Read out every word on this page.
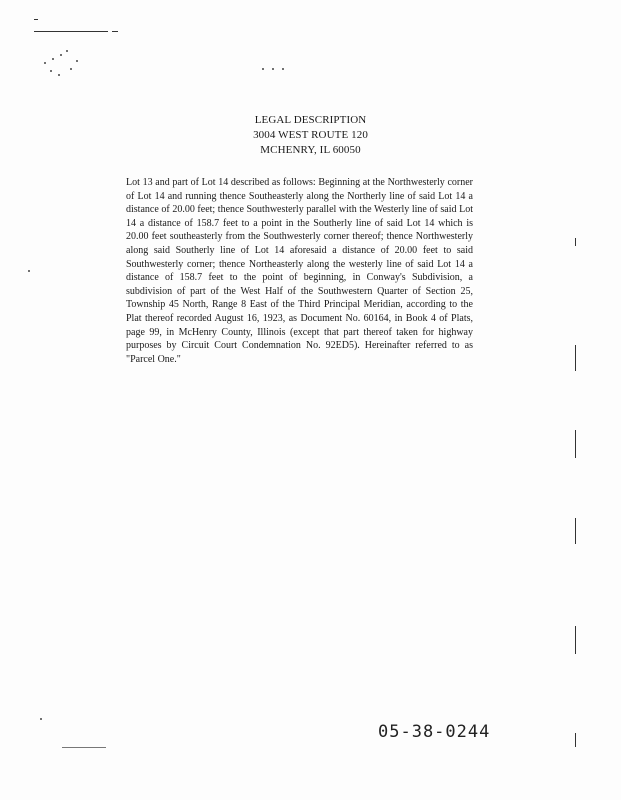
LEGAL DESCRIPTION
3004 WEST ROUTE 120
MCHENRY, IL 60050
Lot 13 and part of Lot 14 described as follows: Beginning at the Northwesterly corner of Lot 14 and running thence Southeasterly along the Northerly line of said Lot 14 a distance of 20.00 feet; thence Southwesterly parallel with the Westerly line of said Lot 14 a distance of 158.7 feet to a point in the Southerly line of said Lot 14 which is 20.00 feet southeasterly from the Southwesterly corner thereof; thence Northwesterly along said Southerly line of Lot 14 aforesaid a distance of 20.00 feet to said Southwesterly corner; thence Northeasterly along the westerly line of said Lot 14 a distance of 158.7 feet to the point of beginning, in Conway's Subdivision, a subdivision of part of the West Half of the Southwestern Quarter of Section 25, Township 45 North, Range 8 East of the Third Principal Meridian, according to the Plat thereof recorded August 16, 1923, as Document No. 60164, in Book 4 of Plats, page 99, in McHenry County, Illinois (except that part thereof taken for highway purposes by Circuit Court Condemnation No. 92ED5). Hereinafter referred to as "Parcel One."
05-38-0244
